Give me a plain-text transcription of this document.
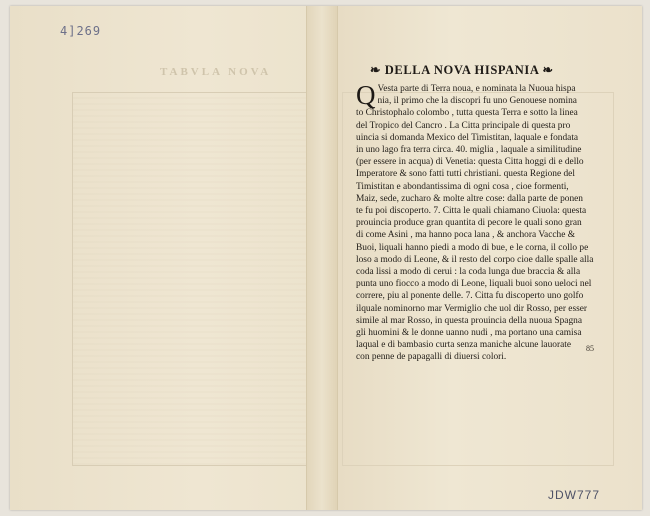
TABVLA NOVA
4]269
❧ DELLA NOVA HISPANIA ❧
Q Vesta parte di Terra noua, e nominata la Nuoua hispa
nia, il primo che la discopri fu uno Genouese nomina
to Christophalo colombo , tutta questa Terra e sotto la linea
del Tropico del Cancro . La Citta principale di questa pro
uincia si domanda Mexico del Timistitan, laquale e fondata
in uno lago fra terra circa. 40. miglia , laquale a similitudine
(per essere in acqua) di Venetia: questa Citta hoggi di e dello
Imperatore & sono fatti tutti christiani. questa Regione del
Timistitan e abondantissima di ogni cosa , cioe formenti,
Maiz, sede, zucharo & molte altre cose: dalla parte de ponen
te fu poi discoperto. 7. Citta le quali chiamano Ciuola: questa
prouincia produce gran quantita di pecore le quali sono gran
di come Asini , ma hanno poca lana , & anchora Vacche &
Buoi, liquali hanno piedi a modo di bue, e le corna, il collo pe
loso a modo di Leone, & il resto del corpo cioe dalle spalle alla
coda lissi a modo di cerui : la coda lunga due braccia & alla
punta uno fiocco a modo di Leone, liquali buoi sono ueloci nel
correre, piu al ponente delle. 7. Citta fu discoperto uno golfo
ilquale nominorno mar Vermiglio che uol dir Rosso, per esser
simile al mar Rosso, in questa prouincia della nuoua Spagna
gli huomini & le donne uanno nudi , ma portano una camisa
laqual e di bambasio curta senza maniche alcune lauorate
con penne de papagalli di diuersi colori.
85
JDW777
